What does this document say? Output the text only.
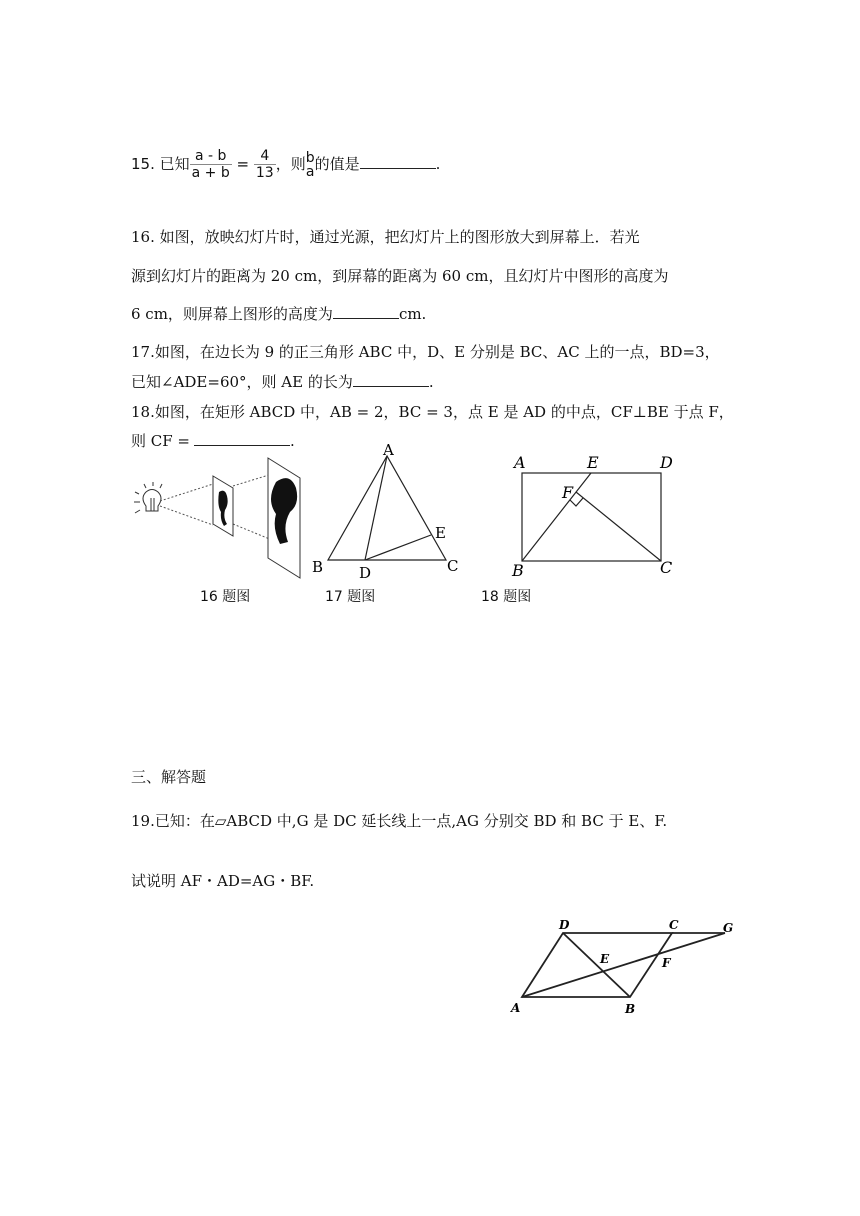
15. 已知 $\frac{a - b}{a + b} = \frac{4}{13}$ ，则 b
a 的值是	.
16. 如图，放映幻灯片时，通过光源，把幻灯片上的图形放大到屏幕上．若光
源到幻灯片的距离为 20 cm，到屏幕的距离为 60 cm，且幻灯片中图形的高度为
6 cm，则屏幕上图形的高度为	cm.
17.如图，在边长为 9 的正三角形 ABC 中，D、E 分别是 BC、AC 上的一点，BD=3，
已知∠ADE=60°，则 AE 的长为	.
18.如图，在矩形 ABCD 中，AB = 2，BC = 3，点 E 是 AD 的中点，CF⊥BE 于点 F，
则 CF =	.	A
B	C
D
E
A	E	D
F
B	C
16 题图	17 题图	18 题图
三、解答题
19.已知：在▱ABCD 中,G 是 DC 延长线上一点,AG 分别交 BD 和 BC 于 E、F.
试说明 AF・AD=AG・BF.
D	C	G
E	F
A	B
